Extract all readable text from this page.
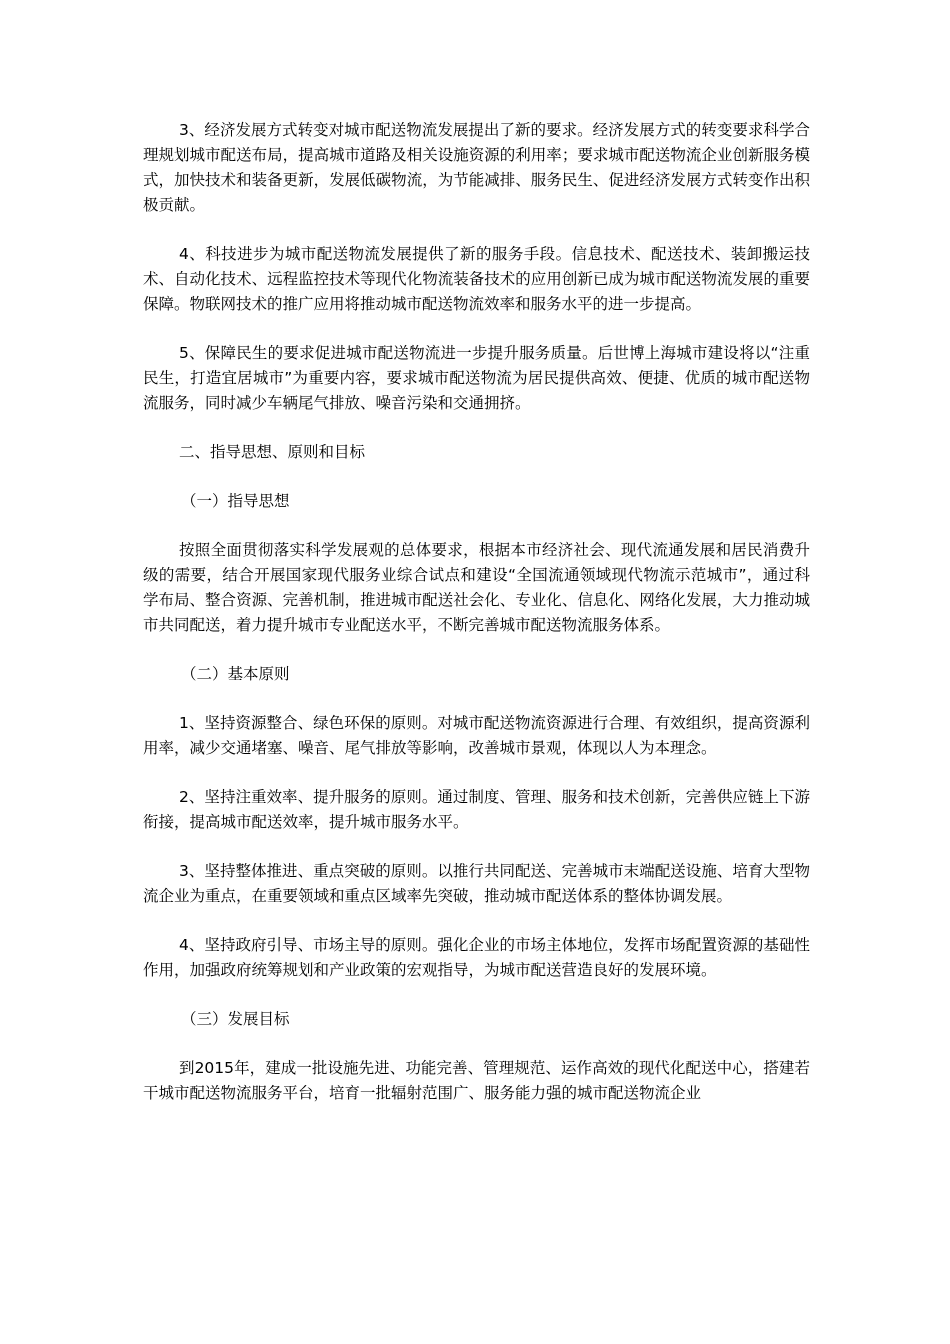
3、经济发展方式转变对城市配送物流发展提出了新的要求。经济发展方式的转变要求科学合理规划城市配送布局，提高城市道路及相关设施资源的利用率；要求城市配送物流企业创新服务模式，加快技术和装备更新，发展低碳物流，为节能减排、服务民生、促进经济发展方式转变作出积极贡献。

4、科技进步为城市配送物流发展提供了新的服务手段。信息技术、配送技术、装卸搬运技术、自动化技术、远程监控技术等现代化物流装备技术的应用创新已成为城市配送物流发展的重要保障。物联网技术的推广应用将推动城市配送物流效率和服务水平的进一步提高。

5、保障民生的要求促进城市配送物流进一步提升服务质量。后世博上海城市建设将以“注重民生，打造宜居城市”为重要内容，要求城市配送物流为居民提供高效、便捷、优质的城市配送物流服务，同时减少车辆尾气排放、噪音污染和交通拥挤。

二、指导思想、原则和目标

（一）指导思想

按照全面贯彻落实科学发展观的总体要求，根据本市经济社会、现代流通发展和居民消费升级的需要，结合开展国家现代服务业综合试点和建设“全国流通领域现代物流示范城市”，通过科学布局、整合资源、完善机制，推进城市配送社会化、专业化、信息化、网络化发展，大力推动城市共同配送，着力提升城市专业配送水平，不断完善城市配送物流服务体系。

（二）基本原则

1、坚持资源整合、绿色环保的原则。对城市配送物流资源进行合理、有效组织，提高资源利用率，减少交通堵塞、噪音、尾气排放等影响，改善城市景观，体现以人为本理念。

2、坚持注重效率、提升服务的原则。通过制度、管理、服务和技术创新，完善供应链上下游衔接，提高城市配送效率，提升城市服务水平。

3、坚持整体推进、重点突破的原则。以推行共同配送、完善城市末端配送设施、培育大型物流企业为重点，在重要领域和重点区域率先突破，推动城市配送体系的整体协调发展。

4、坚持政府引导、市场主导的原则。强化企业的市场主体地位，发挥市场配置资源的基础性作用，加强政府统筹规划和产业政策的宏观指导，为城市配送营造良好的发展环境。

（三）发展目标

到2015年，建成一批设施先进、功能完善、管理规范、运作高效的现代化配送中心，搭建若干城市配送物流服务平台，培育一批辐射范围广、服务能力强的城市配送物流企业
